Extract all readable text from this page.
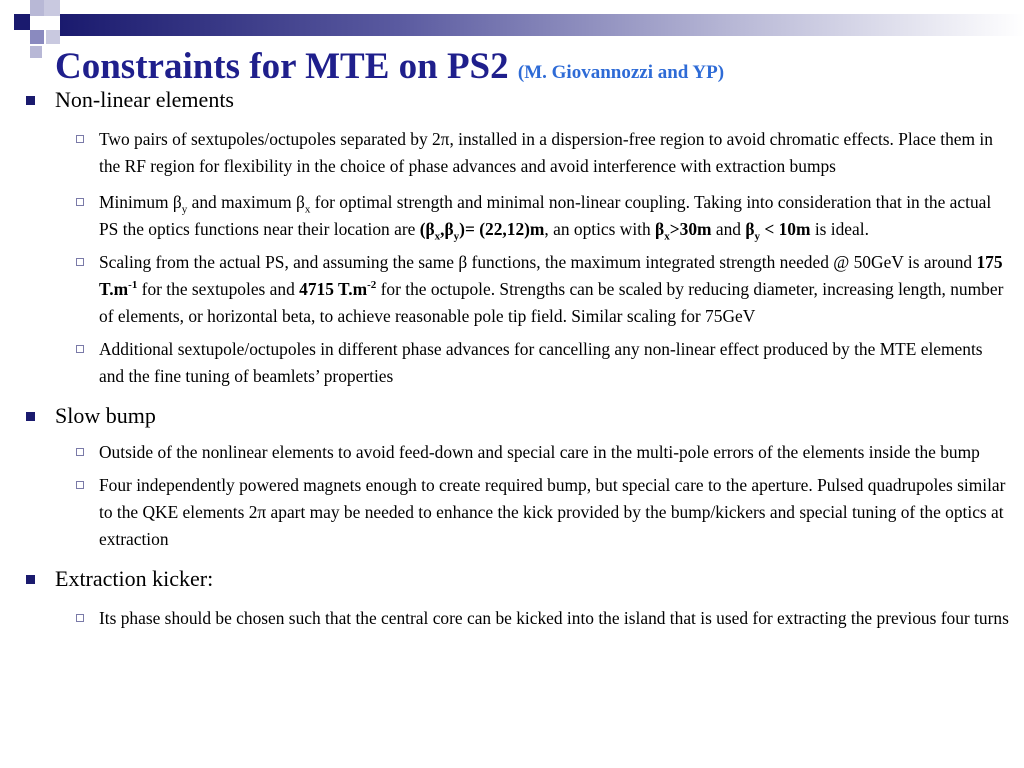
Constraints for MTE on PS2 (M. Giovannozzi and YP)
Non-linear elements
Two pairs of sextupoles/octupoles separated by 2π, installed in a dispersion-free region to avoid chromatic effects. Place them in the RF region for flexibility in the choice of phase advances and avoid interference with extraction bumps
Minimum $\beta_y$ and maximum $\beta_x$ for optimal strength and minimal non-linear coupling. Taking into consideration that in the actual PS the optics functions near their location are $(\beta_x,\beta_y)= (22,12)m$, an optics with $\beta_x>30m$ and $\beta_y < 10m$ is ideal.
Scaling from the actual PS, and assuming the same β functions, the maximum integrated strength needed @ 50GeV is around 175 $T.m^{-1}$ for the sextupoles and 4715 $T.m^{-2}$ for the octupole. Strengths can be scaled by reducing diameter, increasing length, number of elements, or horizontal beta, to achieve reasonable pole tip field. Similar scaling for 75GeV
Additional sextupole/octupoles in different phase advances for cancelling any non-linear effect produced by the MTE elements and the fine tuning of beamlets’ properties
Slow bump
Outside of the nonlinear elements to avoid feed-down and special care in the multi-pole errors of the elements inside the bump
Four independently powered magnets enough to create required bump, but special care to the aperture. Pulsed quadrupoles similar to the QKE elements 2π apart may be needed to enhance the kick provided by the bump/kickers and special tuning of the optics at extraction
Extraction kicker:
Its phase should be chosen such that the central core can be kicked into the island that is used for extracting the previous four turns
